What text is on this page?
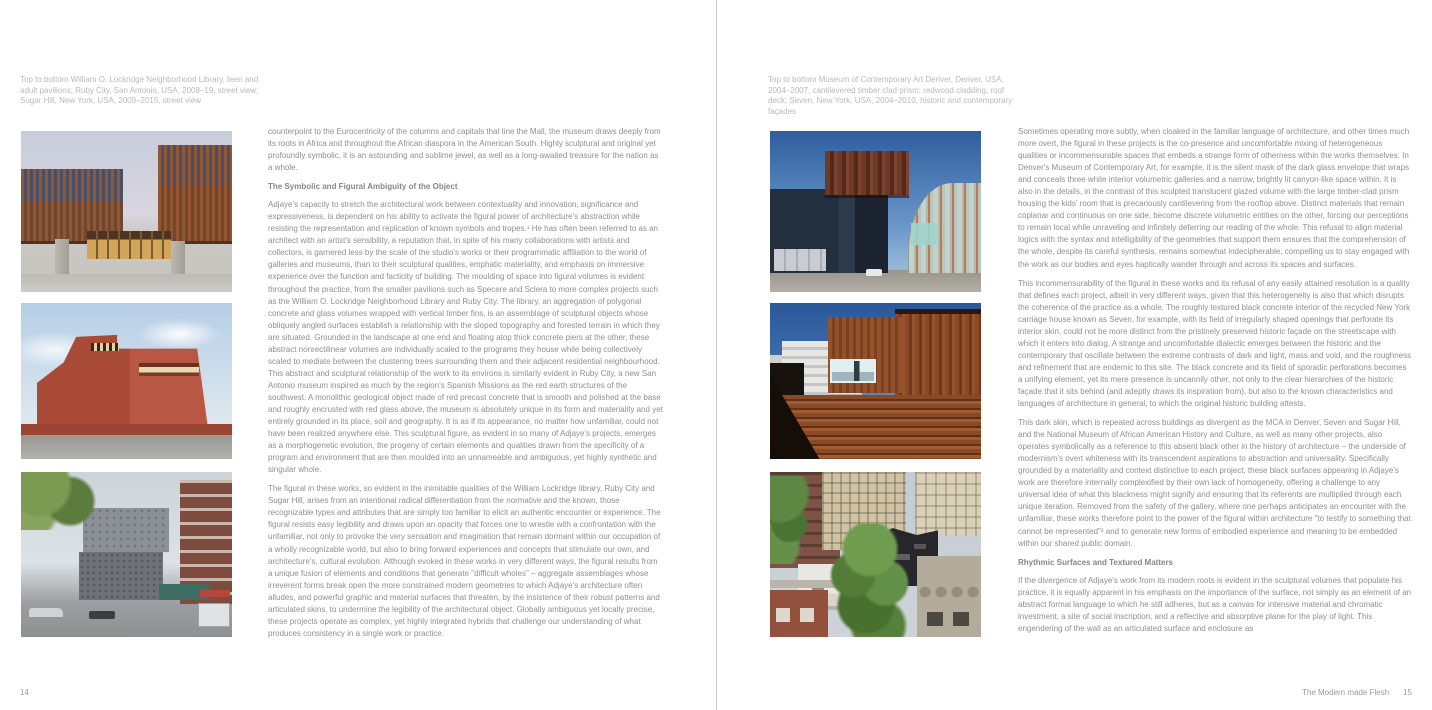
Top to bottom William O. Lockridge Neighborhood Library, teen and adult pavilions; Ruby City, San Antonio, USA, 2008–19, street view; Sugar Hill, New York, USA, 2009–2015, street view

counterpoint to the Eurocentricity of the columns and capitals that line the Mall, the museum draws deeply from its roots in Africa and throughout the African diaspora in the American South. Highly sculptural and original yet profoundly symbolic, it is an astounding and sublime jewel, as well as a long-awaited treasure for the nation as a whole.

The Symbolic and Figural Ambiguity of the Object

Adjaye's capacity to stretch the architectural work between contextuality and innovation, significance and expressiveness, is dependent on his ability to activate the figural power of architecture's abstraction while resisting the representation and replication of known symbols and tropes.¹ He has often been referred to as an architect with an artist's sensibility, a reputation that, in spite of his many collaborations with artists and collectors, is garnered less by the scale of the studio's works or their programmatic affiliation to the world of galleries and museums, than to their sculptural qualities, emphatic materiality, and emphasis on immersive experience over the function and facticity of building. The moulding of space into figural volumes is evident throughout the practice, from the smaller pavilions such as Specere and Sclera to more complex projects such as the William O. Lockridge Neighborhood Library and Ruby City. The library, an aggregation of polygonal concrete and glass volumes wrapped with vertical timber fins, is an assemblage of sculptural objects whose obliquely angled surfaces establish a relationship with the sloped topography and forested terrain in which they are situated. Grounded in the landscape at one end and floating atop thick concrete piers at the other, these abstract nonrectilinear volumes are individually scaled to the programs they house while being collectively scaled to mediate between the clustering trees surrounding them and their adjacent residential neighbourhood. This abstract and sculptural relationship of the work to its environs is similarly evident in Ruby City, a new San Antonio museum inspired as much by the region's Spanish Missions as the red earth structures of the southwest. A monolithic geological object made of red precast concrete that is smooth and polished at the base and roughly encrusted with red glass above, the museum is absolutely unique in its form and materiality and yet entirely grounded in its place, soil and geography. It is as if its appearance, no matter how unfamiliar, could not have been realized anywhere else. This sculptural figure, as evident in so many of Adjaye's projects, emerges as a morphogenetic evolution, the progeny of certain elements and qualities drawn from the specificity of a program and environment that are then moulded into an unnameable and ambiguous, yet highly synthetic and singular whole.

The figural in these works, so evident in the inimitable qualities of the William Lockridge library, Ruby City and Sugar Hill, arises from an intentional radical differentiation from the normative and the known, those recognizable types and attributes that are simply too familiar to elicit an authentic encounter or experience. The figural resists easy legibility and draws upon an opacity that forces one to wrestle with a confrontation with the unfamiliar, not only to provoke the very sensation and imagination that remain dormant within our occupation of a wholly recognizable world, but also to bring forward experiences and concepts that stimulate our own, and architecture's, cultural evolution. Although evoked in these works in very different ways, the figural results from a unique fusion of elements and conditions that generate "difficult wholes" – aggregate assemblages whose irreverent forms break open the more constrained modern geometries to which Adjaye's architecture often alludes, and powerful graphic and material surfaces that threaten, by the insistence of their robust patterns and articulated skins, to undermine the legibility of the architectural object. Globally ambiguous yet locally precise, these projects operate as complex, yet highly integrated hybrids that challenge our understanding of what produces consistency in a single work or practice.

14

Top to bottom Museum of Contemporary Art Denver, Denver, USA, 2004–2007, cantilevered timber clad prism; redwood cladding, roof deck; Seven, New York, USA, 2004–2010, historic and contemporary façades

Sometimes operating more subtly, when cloaked in the familiar language of architecture, and other times much more overt, the figural in these projects is the co-presence and uncomfortable mixing of heterogeneous qualities or incommensurable spaces that embeds a strange form of otherness within the works themselves. In Denver's Museum of Contemporary Art, for example, it is the silent mask of the dark glass envelope that wraps and conceals three white interior volumetric galleries and a narrow, brightly lit canyon-like space within. It is also in the details, in the contrast of this sculpted translucent glazed volume with the large timber-clad prism housing the kids' room that is precariously cantilevering from the rooftop above. Distinct materials that remain coplanar and continuous on one side, become discrete volumetric entities on the other, forcing our perceptions to remain local while unraveling and infinitely deferring our reading of the whole. This refusal to align material logics with the syntax and intelligibility of the geometries that support them ensures that the comprehension of the whole, despite its careful synthesis, remains somewhat indecipherable, compelling us to stay engaged with the work as our bodies and eyes haptically wander through and across its spaces and surfaces.

This incommensurability of the figural in these works and its refusal of any easily attained resolution is a quality that defines each project, albeit in very different ways, given that this heterogeneity is also that which disrupts the coherence of the practice as a whole. The roughly textured black concrete interior of the recycled New York carriage house known as Seven, for example, with its field of irregularly shaped openings that perforate its interior skin, could not be more distinct from the pristinely preserved historic façade on the streetscape with which it enters into dialog. A strange and uncomfortable dialectic emerges between the historic and the contemporary that oscillate between the extreme contrasts of dark and light, mass and void, and the roughness and refinement that are endemic to this site. The black concrete and its field of sporadic perforations becomes a unifying element, yet its mere presence is uncannily other, not only to the clear hierarchies of the historic façade that it sits behind (and adeptly draws its inspiration from), but also to the known characteristics and languages of architecture in general, to which the original historic building attests.

This dark skin, which is repeated across buildings as divergent as the MCA in Denver, Seven and Sugar Hill, and the National Museum of African American History and Culture, as well as many other projects, also operates symbolically as a reference to this absent black other in the history of architecture – the underside of modernism's overt whiteness with its transcendent aspirations to abstraction and universality. Specifically grounded by a materiality and context distinctive to each project, these black surfaces appearing in Adjaye's work are therefore internally complexified by their own lack of homogeneity, offering a challenge to any universal idea of what this blackness might signify and ensuring that its referents are multiplied through each unique iteration. Removed from the safety of the gallery, where one perhaps anticipates an encounter with the unfamiliar, these works therefore point to the power of the figural within architecture "to testify to something that cannot be represented"² and to generate new forms of embodied experience and meaning to be embedded within our shared public domain.

Rhythmic Surfaces and Textured Matters

If the divergence of Adjaye's work from its modern roots is evident in the sculptural volumes that populate his practice, it is equally apparent in his emphasis on the importance of the surface, not simply as an element of an abstract formal language to which he still adheres, but as a canvas for intensive material and chromatic investment, a site of social inscription, and a reflective and absorptive plane for the play of light. This engendering of the wall as an articulated surface and enclosure as

The Modern made Flesh 15
